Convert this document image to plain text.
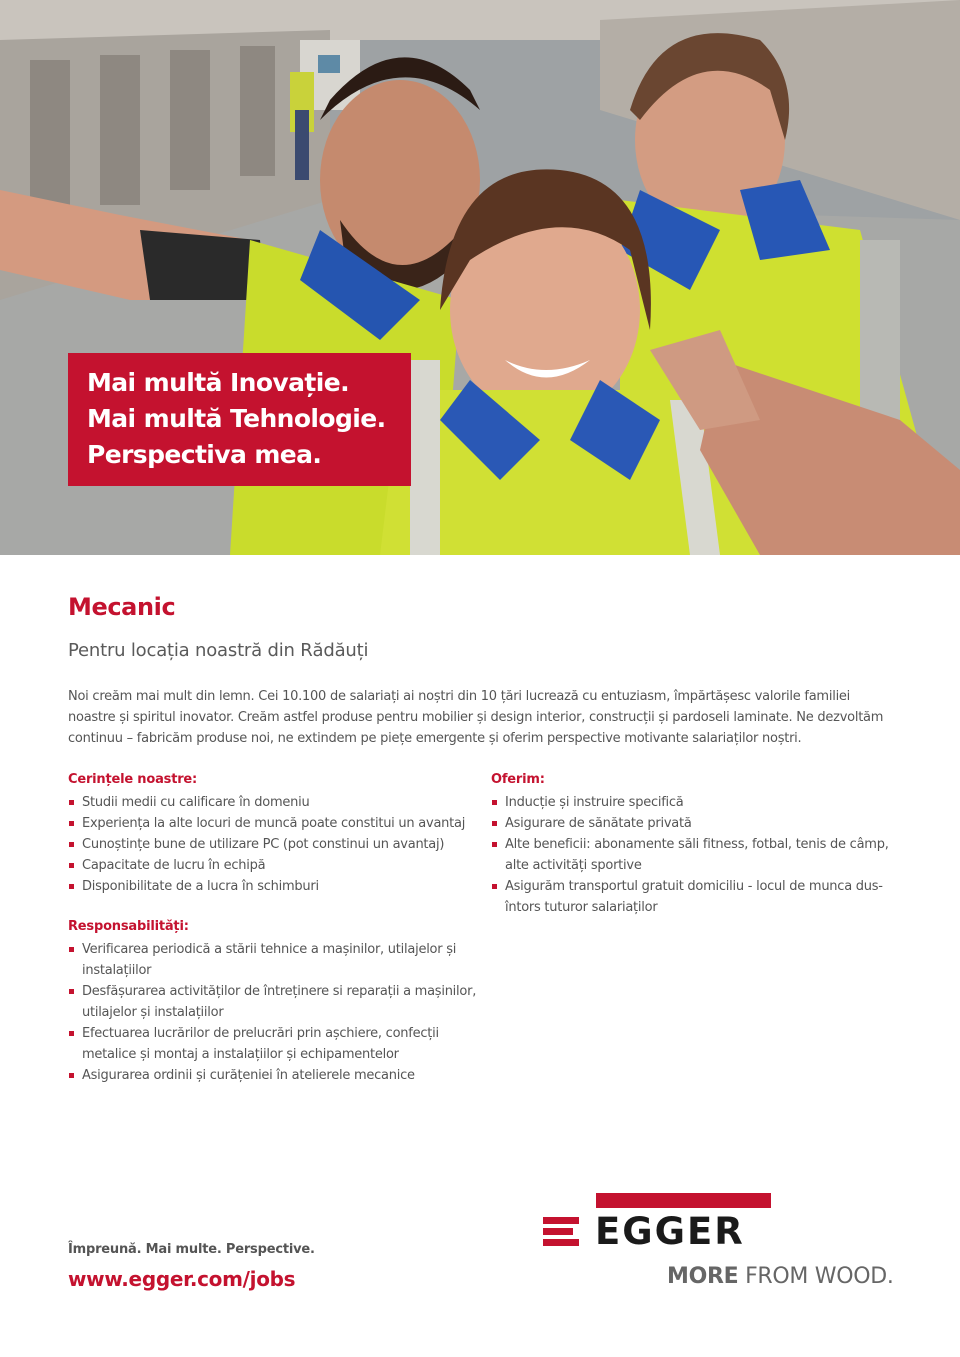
Mai multă Inovație.
Mai multă Tehnologie.
Perspectiva mea.
Mecanic
Pentru locația noastră din Rădăuți

Noi creăm mai mult din lemn. Cei 10.100 de salariați ai noștri din 10 țări lucrează cu entuziasm, împărtășesc valorile familiei noastre și spiritul inovator. Creăm astfel produse pentru mobilier și design interior, construcții și pardoseli laminate. Ne dezvoltăm continuu – fabricăm produse noi, ne extindem pe piețe emergente și oferim perspective motivante salariaților noștri.

Cerințele noastre:
Studii medii cu calificare în domeniu
Experiența la alte locuri de muncă poate constitui un avantaj
Cunoștințe bune de utilizare PC (pot constinui un avantaj)
Capacitate de lucru în echipă
Disponibilitate de a lucra în schimburi
Responsabilități:
Verificarea periodică a stării tehnice a mașinilor, utilajelor și instalațiilor
Desfășurarea activităților de întreținere si reparații a mașinilor, utilajelor și instalațiilor
Efectuarea lucrărilor de prelucrări prin așchiere, confecții metalice și montaj a instalațiilor și echipamentelor
Asigurarea ordinii și curățeniei în atelierele mecanice
Oferim:
Inducție și instruire specifică
Asigurare de sănătate privată
Alte beneficii: abonamente săli fitness, fotbal, tenis de câmp, alte activități sportive
Asigurăm transportul gratuit domiciliu - locul de munca dus-întors tuturor salariaților
Împreună. Mai multe. Perspective.
www.egger.com/jobs
EGGER
MORE FROM WOOD.
